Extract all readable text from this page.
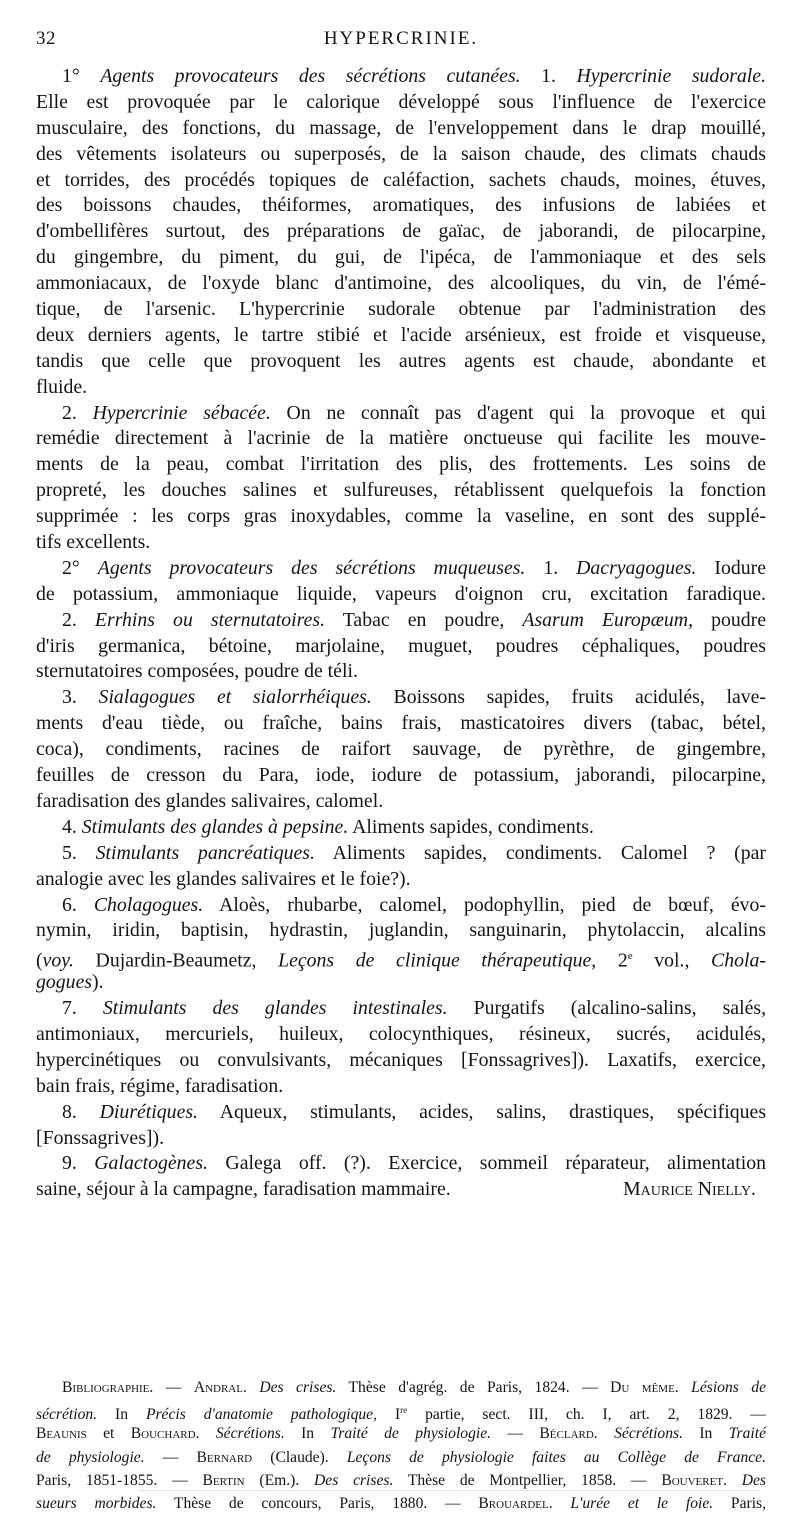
32	HYPERCRINIE.
1° Agents provocateurs des sécrétions cutanées. 1. Hypercrinie sudorale.
Elle est provoquée par le calorique développé sous l'influence de l'exercice
musculaire, des fonctions, du massage, de l'enveloppement dans le drap mouillé,
des vêtements isolateurs ou superposés, de la saison chaude, des climats chauds
et torrides, des procédés topiques de caléfaction, sachets chauds, moines, étuves,
des boissons chaudes, théiformes, aromatiques, des infusions de labiées et
d'ombellifères surtout, des préparations de gaïac, de jaborandi, de pilocarpine,
du gingembre, du piment, du gui, de l'ipéca, de l'ammoniaque et des sels
ammoniacaux, de l'oxyde blanc d'antimoine, des alcooliques, du vin, de l'émé-
tique, de l'arsenic. L'hypercrinie sudorale obtenue par l'administration des
deux derniers agents, le tartre stibié et l'acide arsénieux, est froide et visqueuse,
tandis que celle que provoquent les autres agents est chaude, abondante et
fluide.
2. Hypercrinie sébacée. On ne connaît pas d'agent qui la provoque et qui
remédie directement à l'acrinie de la matière onctueuse qui facilite les mouve-
ments de la peau, combat l'irritation des plis, des frottements. Les soins de
propreté, les douches salines et sulfureuses, rétablissent quelquefois la fonction
supprimée : les corps gras inoxydables, comme la vaseline, en sont des supplé-
tifs excellents.
2° Agents provocateurs des sécrétions muqueuses. 1. Dacryagogues. Iodure
de potassium, ammoniaque liquide, vapeurs d'oignon cru, excitation faradique.
2. Errhins ou sternutatoires. Tabac en poudre, Asarum Europæum, poudre
d'iris germanica, bétoine, marjolaine, muguet, poudres céphaliques, poudres
sternutatoires composées, poudre de téli.
3. Sialagogues et sialorrhéiques. Boissons sapides, fruits acidulés, lave-
ments d'eau tiède, ou fraîche, bains frais, masticatoires divers (tabac, bétel,
coca), condiments, racines de raifort sauvage, de pyrèthre, de gingembre,
feuilles de cresson du Para, iode, iodure de potassium, jaborandi, pilocarpine,
faradisation des glandes salivaires, calomel.
4. Stimulants des glandes à pepsine. Aliments sapides, condiments.
5. Stimulants pancréatiques. Aliments sapides, condiments. Calomel ? (par
analogie avec les glandes salivaires et le foie?).
6. Cholagogues. Aloès, rhubarbe, calomel, podophyllin, pied de bœuf, évo-
nymin, iridin, baptisin, hydrastin, juglandin, sanguinarin, phytolaccin, alcalins
(voy. Dujardin-Beaumetz, Leçons de clinique thérapeutique, 2e vol., Chola-
gogues).
7. Stimulants des glandes intestinales. Purgatifs (alcalino-salins, salés,
antimoniaux, mercuriels, huileux, colocynthiques, résineux, sucrés, acidulés,
hypercinétiques ou convulsivants, mécaniques [Fonssagrives]). Laxatifs, exercice,
bain frais, régime, faradisation.
8. Diurétiques. Aqueux, stimulants, acides, salins, drastiques, spécifiques
[Fonssagrives]).
9. Galactogènes. Galega off. (?). Exercice, sommeil réparateur, alimentation
saine, séjour à la campagne, faradisation mammaire.	Maurice Nielly.
Bibliographie. — Andral. Des crises. Thèse d'agrég. de Paris, 1824. — Du même. Lésions de
sécrétion. In Précis d'anatomie pathologique, Ire partie, sect. III, ch. I, art. 2, 1829. —
Beaunis et Bouchard. Sécrétions. In Traité de physiologie. — Béclard. Sécrétions. In Traité
de physiologie. — Bernard (Claude). Leçons de physiologie faites au Collège de France.
Paris, 1851-1855. — Bertin (Em.). Des crises. Thèse de Montpellier, 1858. — Bouveret. Des
sueurs morbides. Thèse de concours, Paris, 1880. — Brouardel. L'urée et le foie. Paris,
